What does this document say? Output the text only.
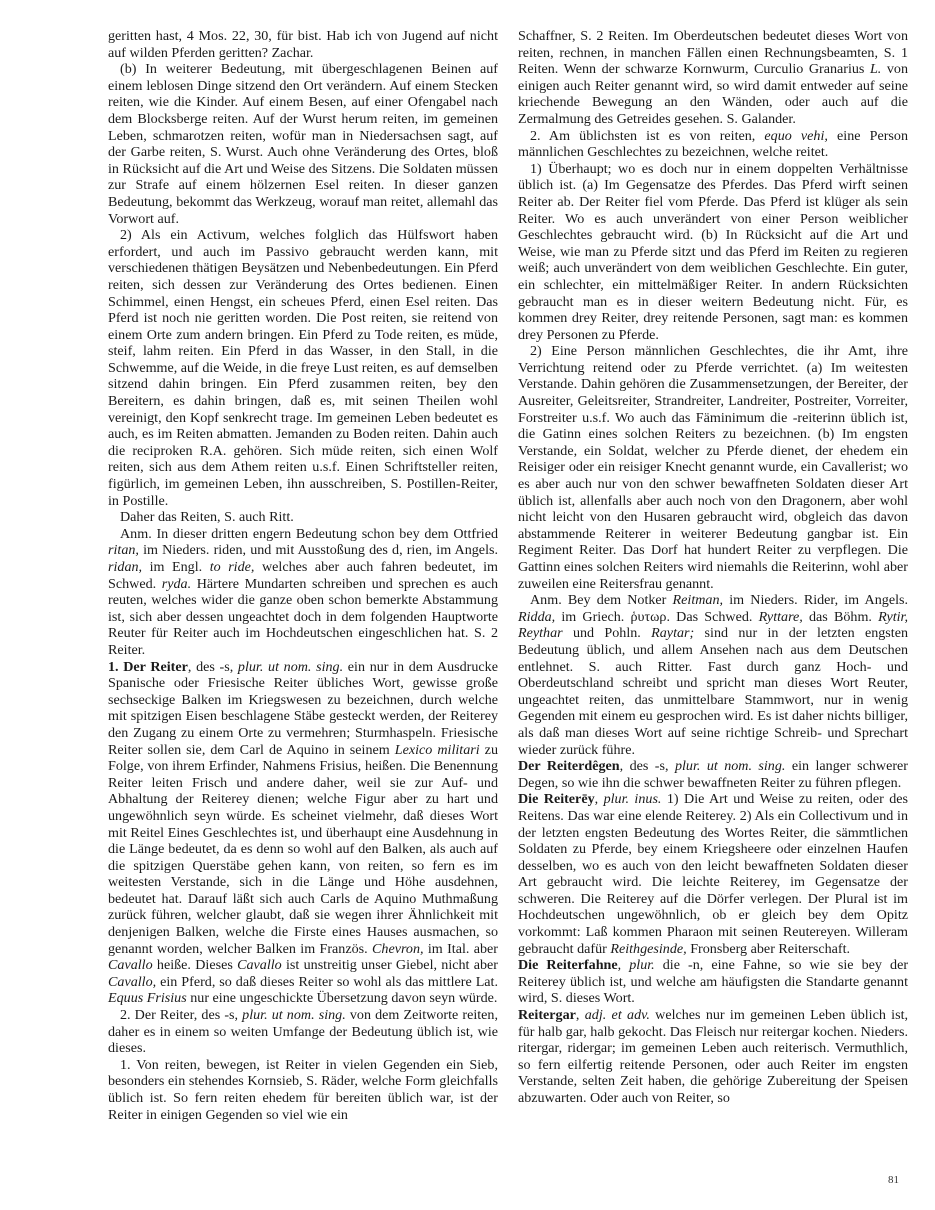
geritten hast, 4 Mos. 22, 30, für bist. Hab ich von Jugend auf nicht auf wilden Pferden geritten? Zachar.

(b) In weiterer Bedeutung, mit übergeschlagenen Beinen auf einem leblosen Dinge sitzend den Ort verändern. Auf einem Stecken reiten, wie die Kinder. Auf einem Besen, auf einer Ofengabel nach dem Blocksberge reiten. Auf der Wurst herum reiten, im gemeinen Leben, schmarotzen reiten, wofür man in Niedersachsen sagt, auf der Garbe reiten, S. Wurst. Auch ohne Veränderung des Ortes, bloß in Rücksicht auf die Art und Weise des Sitzens. Die Soldaten müssen zur Strafe auf einem hölzernen Esel reiten. In dieser ganzen Bedeutung, bekommt das Werkzeug, worauf man reitet, allemahl das Vorwort auf.

2) Als ein Activum, welches folglich das Hülfswort haben erfordert, und auch im Passivo gebraucht werden kann, mit verschiedenen thätigen Beysätzen und Nebenbedeutungen. Ein Pferd reiten, sich dessen zur Veränderung des Ortes bedienen. Einen Schimmel, einen Hengst, ein scheues Pferd, einen Esel reiten. Das Pferd ist noch nie geritten worden. Die Post reiten, sie reitend von einem Orte zum andern bringen. Ein Pferd zu Tode reiten, es müde, steif, lahm reiten. Ein Pferd in das Wasser, in den Stall, in die Schwemme, auf die Weide, in die freye Lust reiten, es auf demselben sitzend dahin bringen. Ein Pferd zusammen reiten, bey den Bereitern, es dahin bringen, daß es, mit seinen Theilen wohl vereinigt, den Kopf senkrecht trage. Im gemeinen Leben bedeutet es auch, es im Reiten abmatten. Jemanden zu Boden reiten. Dahin auch die reciproken R.A. gehören. Sich müde reiten, sich einen Wolf reiten, sich aus dem Athem reiten u.s.f. Einen Schriftsteller reiten, figürlich, im gemeinen Leben, ihn ausschreiben, S. Postillen-Reiter, in Postille.

Daher das Reiten, S. auch Ritt.

Anm. In dieser dritten engern Bedeutung schon bey dem Ottfried ritan, im Nieders. riden, und mit Ausstoßung des d, rien, im Angels. ridan, im Engl. to ride, welches aber auch fahren bedeutet, im Schwed. ryda. Härtere Mundarten schreiben und sprechen es auch reuten, welches wider die ganze oben schon bemerkte Abstammung ist, sich aber dessen ungeachtet doch in dem folgenden Hauptworte Reuter für Reiter auch im Hochdeutschen eingeschlichen hat. S. 2 Reiter.

1. Der Reiter, des -s, plur. ut nom. sing. ein nur in dem Ausdrucke Spanische oder Friesische Reiter übliches Wort, gewisse große sechseckige Balken im Kriegswesen zu bezeichnen, durch welche mit spitzigen Eisen beschlagene Stäbe gesteckt werden, der Reiterey den Zugang zu einem Orte zu vermehren; Sturmhaspeln. Friesische Reiter sollen sie, dem Carl de Aquino in seinem Lexico militari zu Folge, von ihrem Erfinder, Nahmens Frisius, heißen. Die Benennung Reiter leiten Frisch und andere daher, weil sie zur Auf- und Abhaltung der Reiterey dienen; welche Figur aber zu hart und ungewöhnlich seyn würde. Es scheinet vielmehr, daß dieses Wort mit Reitel Eines Geschlechtes ist, und überhaupt eine Ausdehnung in die Länge bedeutet, da es denn so wohl auf den Balken, als auch auf die spitzigen Querstäbe gehen kann, von reiten, so fern es im weitesten Verstande, sich in die Länge und Höhe ausdehnen, bedeutet hat. Darauf läßt sich auch Carls de Aquino Muthmaßung zurück führen, welcher glaubt, daß sie wegen ihrer Ähnlichkeit mit denjenigen Balken, welche die Firste eines Hauses ausmachen, so genannt worden, welcher Balken im Französ. Chevron, im Ital. aber Cavallo heiße. Dieses Cavallo ist unstreitig unser Giebel, nicht aber Cavallo, ein Pferd, so daß dieses Reiter so wohl als das mittlere Lat. Equus Frisius nur eine ungeschickte Übersetzung davon seyn würde.

2. Der Reiter, des -s, plur. ut nom. sing. von dem Zeitworte reiten, daher es in einem so weiten Umfange der Bedeutung üblich ist, wie dieses.

1. Von reiten, bewegen, ist Reiter in vielen Gegenden ein Sieb, besonders ein stehendes Kornsieb, S. Räder, welche Form gleichfalls üblich ist. So fern reiten ehedem für bereiten üblich war, ist der Reiter in einigen Gegenden so viel wie ein

Schaffner, S. 2 Reiten. Im Oberdeutschen bedeutet dieses Wort von reiten, rechnen, in manchen Fällen einen Rechnungsbeamten, S. 1 Reiten. Wenn der schwarze Kornwurm, Curculio Granarius L. von einigen auch Reiter genannt wird, so wird damit entweder auf seine kriechende Bewegung an den Wänden, oder auch auf die Zermalmung des Getreides gesehen. S. Galander.

2. Am üblichsten ist es von reiten, equo vehi, eine Person männlichen Geschlechtes zu bezeichnen, welche reitet.

1) Überhaupt; wo es doch nur in einem doppelten Verhältnisse üblich ist. (a) Im Gegensatze des Pferdes. Das Pferd wirft seinen Reiter ab. Der Reiter fiel vom Pferde. Das Pferd ist klüger als sein Reiter. Wo es auch unverändert von einer Person weiblicher Geschlechtes gebraucht wird. (b) In Rücksicht auf die Art und Weise, wie man zu Pferde sitzt und das Pferd im Reiten zu regieren weiß; auch unverändert von dem weiblichen Geschlechte. Ein guter, ein schlechter, ein mittelmäßiger Reiter. In andern Rücksichten gebraucht man es in dieser weitern Bedeutung nicht. Für, es kommen drey Reiter, drey reitende Personen, sagt man: es kommen drey Personen zu Pferde.

2) Eine Person männlichen Geschlechtes, die ihr Amt, ihre Verrichtung reitend oder zu Pferde verrichtet. (a) Im weitesten Verstande. Dahin gehören die Zusammensetzungen, der Bereiter, der Ausreiter, Geleitsreiter, Strandreiter, Landreiter, Postreiter, Vorreiter, Forstreiter u.s.f. Wo auch das Fäminimum die -reiterinn üblich ist, die Gatinn eines solchen Reiters zu bezeichnen. (b) Im engsten Verstande, ein Soldat, welcher zu Pferde dienet, der ehedem ein Reisiger oder ein reisiger Knecht genannt wurde, ein Cavallerist; wo es aber auch nur von den schwer bewaffneten Soldaten dieser Art üblich ist, allenfalls aber auch noch von den Dragonern, aber wohl nicht leicht von den Husaren gebraucht wird, obgleich das davon abstammende Reiterer in weiterer Bedeutung gangbar ist. Ein Regiment Reiter. Das Dorf hat hundert Reiter zu verpflegen. Die Gattinn eines solchen Reiters wird niemahls die Reiterinn, wohl aber zuweilen eine Reitersfrau genannt.

Anm. Bey dem Notker Reitman, im Nieders. Rider, im Angels. Ridda, im Griech. ῥυτωρ. Das Schwed. Ryttare, das Böhm. Rytir, Reythar und Pohln. Raytar; sind nur in der letzten engsten Bedeutung üblich, und allem Ansehen nach aus dem Deutschen entlehnet. S. auch Ritter. Fast durch ganz Hoch- und Oberdeutschland schreibt und spricht man dieses Wort Reuter, ungeachtet reiten, das unmittelbare Stammwort, nur in wenig Gegenden mit einem eu gesprochen wird. Es ist daher nichts billiger, als daß man dieses Wort auf seine richtige Schreib- und Sprechart wieder zurück führe.

Der Reiterdêgen, des -s, plur. ut nom. sing. ein langer schwerer Degen, so wie ihn die schwer bewaffneten Reiter zu führen pflegen.

Die Reiterēy, plur. inus. 1) Die Art und Weise zu reiten, oder des Reitens. Das war eine elende Reiterey. 2) Als ein Collectivum und in der letzten engsten Bedeutung des Wortes Reiter, die sämmtlichen Soldaten zu Pferde, bey einem Kriegsheere oder einzelnen Haufen desselben, wo es auch von den leicht bewaffneten Soldaten dieser Art gebraucht wird. Die leichte Reiterey, im Gegensatze der schweren. Die Reiterey auf die Dörfer verlegen. Der Plural ist im Hochdeutschen ungewöhnlich, ob er gleich bey dem Opitz vorkommt: Laß kommen Pharaon mit seinen Reutereyen. Willeram gebraucht dafür Reithgesinde, Fronsberg aber Reiterschaft.

Die Reiterfahne, plur. die -n, eine Fahne, so wie sie bey der Reiterey üblich ist, und welche am häufigsten die Standarte genannt wird, S. dieses Wort.

Reitergar, adj. et adv. welches nur im gemeinen Leben üblich ist, für halb gar, halb gekocht. Das Fleisch nur reitergar kochen. Nieders. ritergar, ridergar; im gemeinen Leben auch reiterisch. Vermuthlich, so fern eilfertig reitende Personen, oder auch Reiter im engsten Verstande, selten Zeit haben, die gehörige Zubereitung der Speisen abzuwarten. Oder auch von Reiter, so

81
